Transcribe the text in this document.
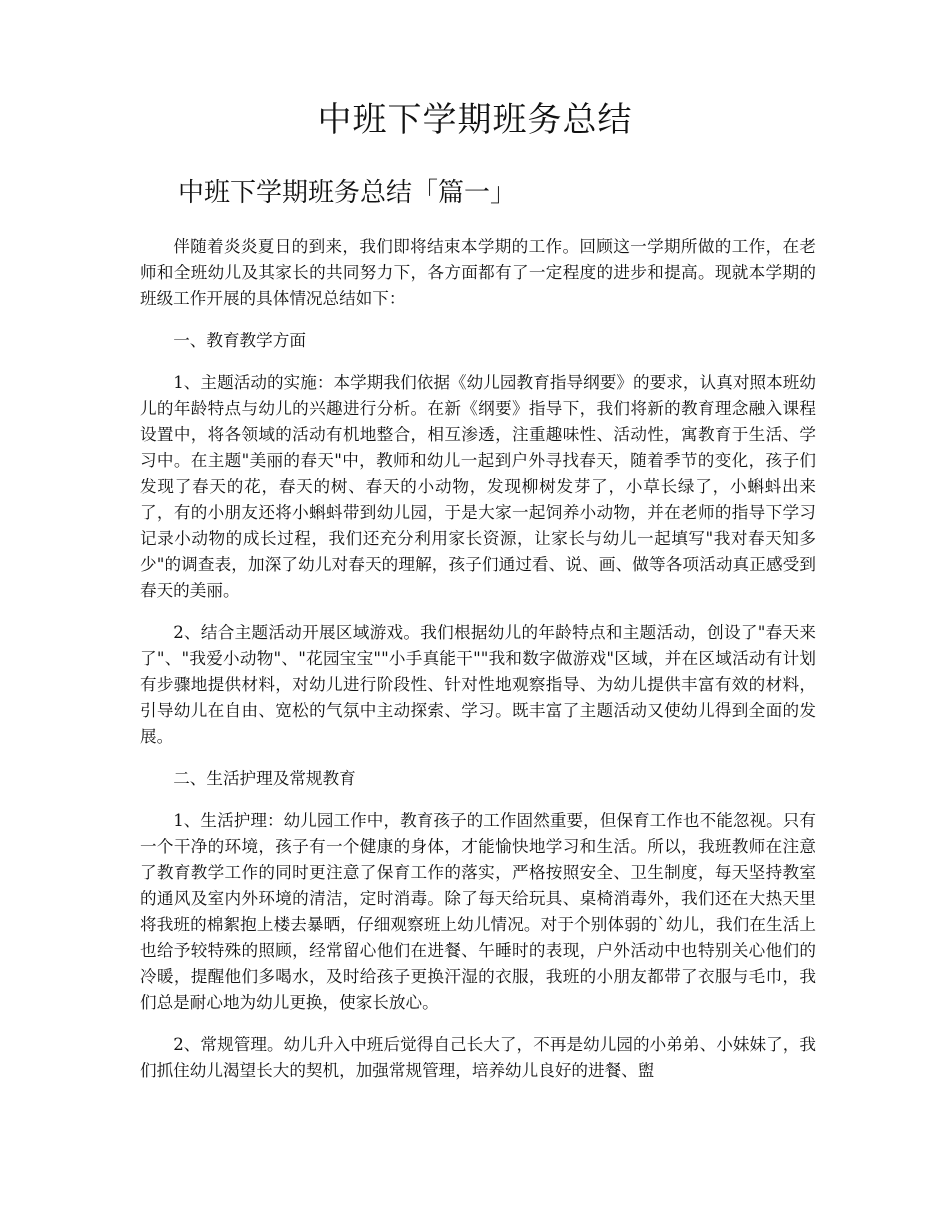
中班下学期班务总结
中班下学期班务总结「篇一」

伴随着炎炎夏日的到来，我们即将结束本学期的工作。回顾这一学期所做的工作，在老师和全班幼儿及其家长的共同努力下，各方面都有了一定程度的进步和提高。现就本学期的班级工作开展的具体情况总结如下：

一、教育教学方面

1、主题活动的实施：本学期我们依据《幼儿园教育指导纲要》的要求，认真对照本班幼儿的年龄特点与幼儿的兴趣进行分析。在新《纲要》指导下，我们将新的教育理念融入课程设置中，将各领域的活动有机地整合，相互渗透，注重趣味性、活动性，寓教育于生活、学习中。在主题"美丽的春天"中，教师和幼儿一起到户外寻找春天，随着季节的变化，孩子们发现了春天的花，春天的树、春天的小动物，发现柳树发芽了，小草长绿了，小蝌蚪出来了，有的小朋友还将小蝌蚪带到幼儿园，于是大家一起饲养小动物，并在老师的指导下学习记录小动物的成长过程，我们还充分利用家长资源，让家长与幼儿一起填写"我对春天知多少"的调查表，加深了幼儿对春天的理解，孩子们通过看、说、画、做等各项活动真正感受到春天的美丽。

2、结合主题活动开展区域游戏。我们根据幼儿的年龄特点和主题活动，创设了"春天来了"、"我爱小动物"、"花园宝宝""小手真能干""我和数字做游戏"区域，并在区域活动有计划有步骤地提供材料，对幼儿进行阶段性、针对性地观察指导、为幼儿提供丰富有效的材料，引导幼儿在自由、宽松的气氛中主动探索、学习。既丰富了主题活动又使幼儿得到全面的发展。

二、生活护理及常规教育

1、生活护理：幼儿园工作中，教育孩子的工作固然重要，但保育工作也不能忽视。只有一个干净的环境，孩子有一个健康的身体，才能愉快地学习和生活。所以，我班教师在注意了教育教学工作的同时更注意了保育工作的落实，严格按照安全、卫生制度，每天坚持教室的通风及室内外环境的清洁，定时消毒。除了每天给玩具、桌椅消毒外，我们还在大热天里将我班的棉絮抱上楼去暴晒，仔细观察班上幼儿情况。对于个别体弱的`幼儿，我们在生活上也给予较特殊的照顾，经常留心他们在进餐、午睡时的表现，户外活动中也特别关心他们的冷暖，提醒他们多喝水，及时给孩子更换汗湿的衣服，我班的小朋友都带了衣服与毛巾，我们总是耐心地为幼儿更换，使家长放心。

2、常规管理。幼儿升入中班后觉得自己长大了，不再是幼儿园的小弟弟、小妹妹了，我们抓住幼儿渴望长大的契机，加强常规管理，培养幼儿良好的进餐、盥
